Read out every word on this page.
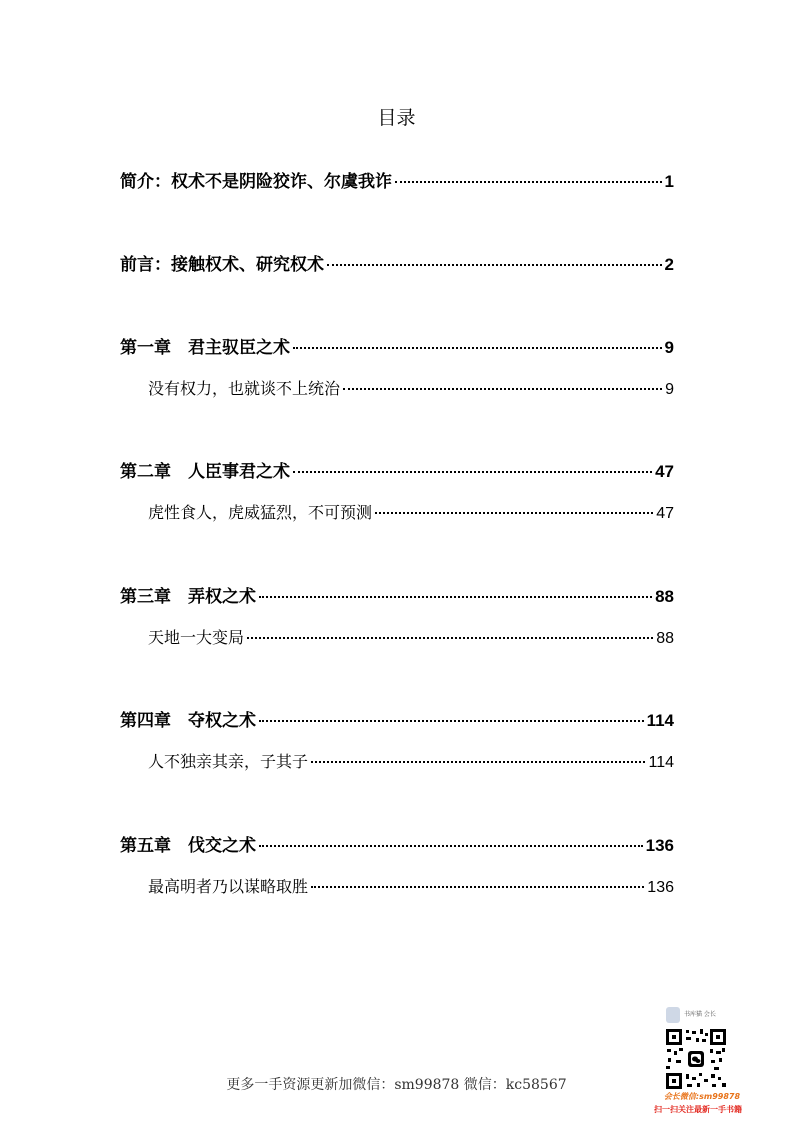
目录
简介：权术不是阴险狡诈、尔虞我诈	1
前言：接触权术、研究权术	2
第一章　君主驭臣之术	9
没有权力，也就谈不上统治	9
第二章　人臣事君之术	47
虎性食人，虎威猛烈，不可预测	47
第三章　弄权之术	88
天地一大变局	88
第四章　夺权之术	114
人不独亲其亲，子其子	114
第五章　伐交之术	136
最高明者乃以谋略取胜	136
更多一手资源更新加微信：sm99878 微信：kc58567
书库猫 会长
会长微信:sm99878
扫一扫关注最新一手书籍
